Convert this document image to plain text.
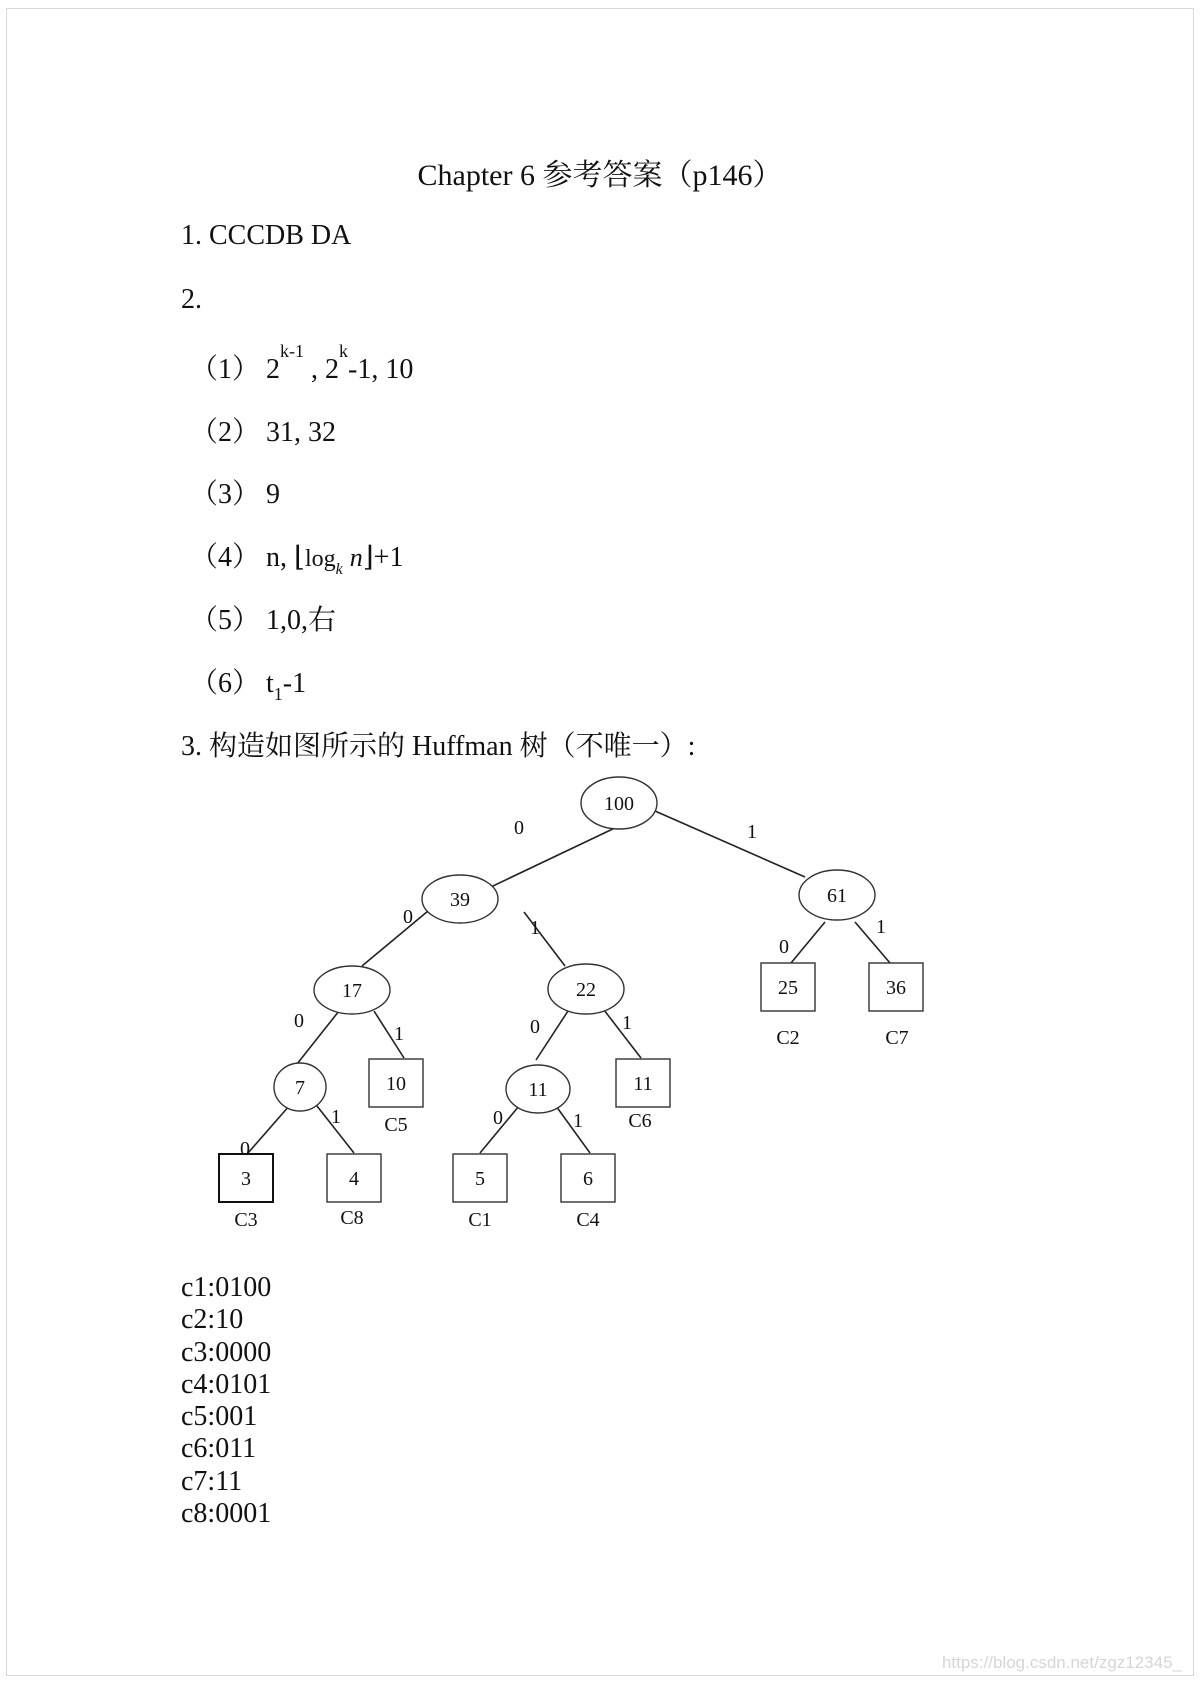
Chapter 6 参考答案（p146）
1. CCCDB DA
2.
（1） 2$^{k-1}$ , 2$^k$-1, 10
（2） 31, 32
（3） 9
（4） n, $⌊\log_k$ n⌋+1
（5） 1,0,右
（6） $t_1-1$
3. 构造如图所示的 Huffman 树（不唯一）:
100
39	61
17	22
7	11
3	4
10
5	6
11
25	36
C3	C8
C5
C1	C4
C6
C2	C7
0	1
0	1
0
1
0
1	0	1
0
1	0	1
c1:0100
c2:10
c3:0000
c4:0101
c5:001
c6:011
c7:11
c8:0001
https://blog.csdn.net/zgz12345_
